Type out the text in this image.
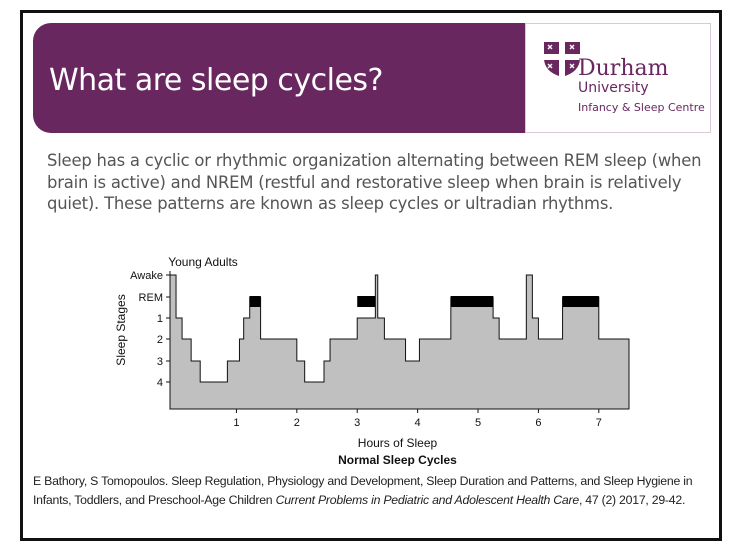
What are sleep cycles?	Durham
University
Infancy & Sleep Centre
Sleep has a cyclic or rhythmic organization alternating between REM sleep (when brain is active) and NREM (restful and restorative sleep when brain is relatively quiet). These patterns are known as sleep cycles or ultradian rhythms.
Awake
REM
1
2
3
4
1	2	3	4	5	6	7
Young Adults
Hours of Sleep
Normal Sleep Cycles
Sleep Stages
E Bathory, S Tomopoulos. Sleep Regulation, Physiology and Development, Sleep Duration and Patterns, and Sleep Hygiene in Infants, Toddlers, and Preschool-Age Children Current Problems in Pediatric and Adolescent Health Care, 47 (2) 2017, 29-42.
